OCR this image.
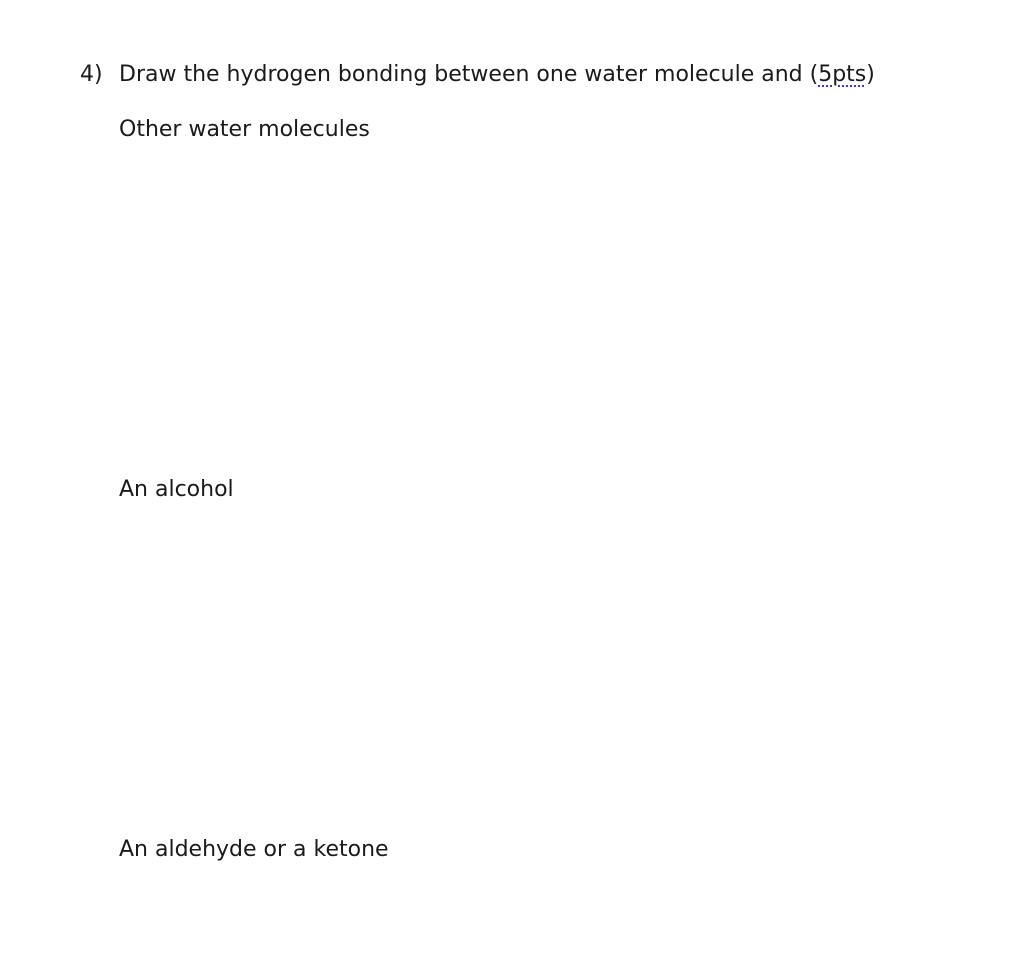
4) Draw the hydrogen bonding between one water molecule and (5pts)
Other water molecules
An alcohol
An aldehyde or a ketone
